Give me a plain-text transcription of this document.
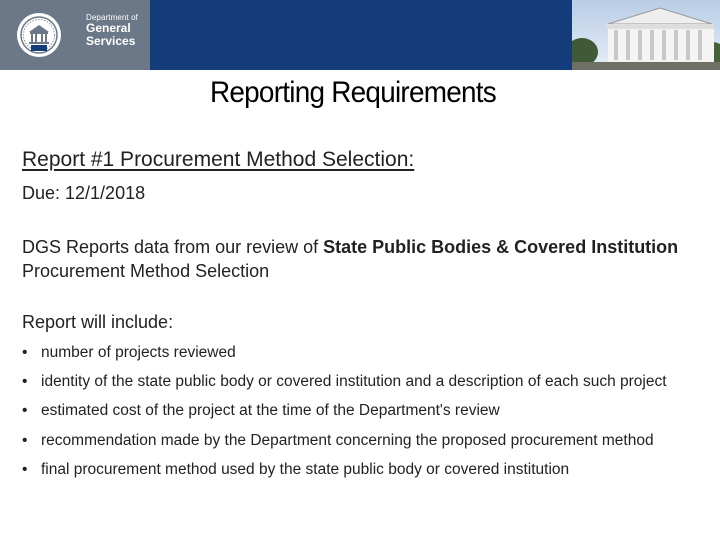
Department of
General
Services
Reporting Requirements
Report #1 Procurement Method Selection:
Due: 12/1/2018
DGS Reports data from our review of State Public Bodies & Covered Institution Procurement Method Selection
Report will include:
• number of projects reviewed
• identity of the state public body or covered institution and a description of each such project
• estimated cost of the project at the time of the Department's review
• recommendation made by the Department concerning the proposed procurement method
• final procurement method used by the state public body or covered institution
